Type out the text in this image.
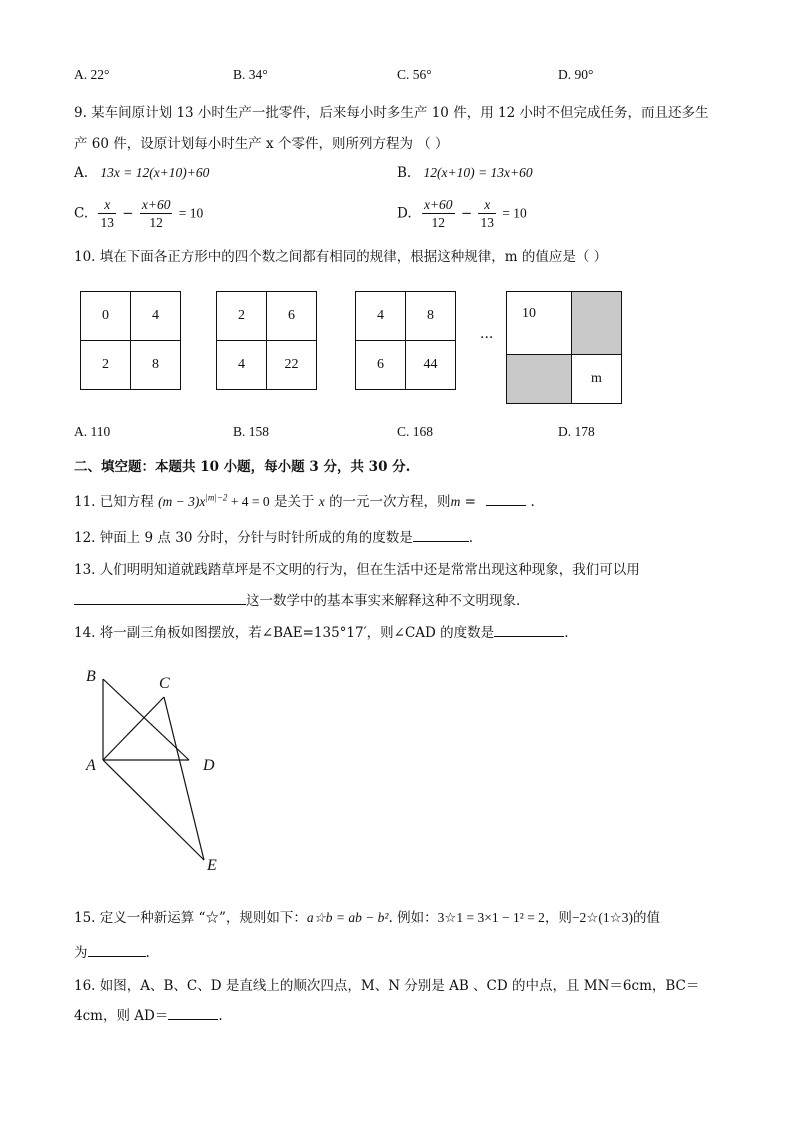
A. 22°	B. 34°	C. 56°	D. 90°
9. 某车间原计划 13 小时生产一批零件，后来每小时多生产 10 件，用 12 小时不但完成任务，而且还多生
产 60 件，设原计划每小时生产 x 个零件，则所列方程为 （ ）
A. 13x = 12(x+10)+60	B. 12(x+10) = 13x+60
C. $\frac{x}{13} - \frac{x+60}{12} = 10$	D. $\frac{x+60}{12} - \frac{x}{13} = 10$
10. 填在下面各正方形中的四个数之间都有相同的规律，根据这种规律，m 的值应是（ ）
0	4
2	8
2	6
4	22
4	8
6	44
···
10	
	m
A. 110	B. 158	C. 168	D. 178
二、填空题：本题共 10 小题，每小题 3 分，共 30 分.
11. 已知方程 $(m - 3)x^{|m|-2} + 4 = 0$ 是关于 x 的一元一次方程，则m =	.
12. 钟面上 9 点 30 分时，分针与时针所成的角的度数是	.
13. 人们明明知道就践踏草坪是不文明的行为，但在生活中还是常常出现这种现象，我们可以用
这一数学中的基本事实来解释这种不文明现象.
14. 将一副三角板如图摆放，若∠BAE=135°17′，则∠CAD 的度数是	.
B	C
A	D
E
15. 定义一种新运算 “☆”，规则如下：a☆b = ab − b². 例如：3☆1 = 3×1 − 1² = 2，则−2☆(1☆3)的值
为	.
16. 如图，A、B、C、D 是直线上的顺次四点，M、N 分别是 AB 、CD 的中点，且 MN＝6cm，BC＝
4cm，则 AD＝	.
